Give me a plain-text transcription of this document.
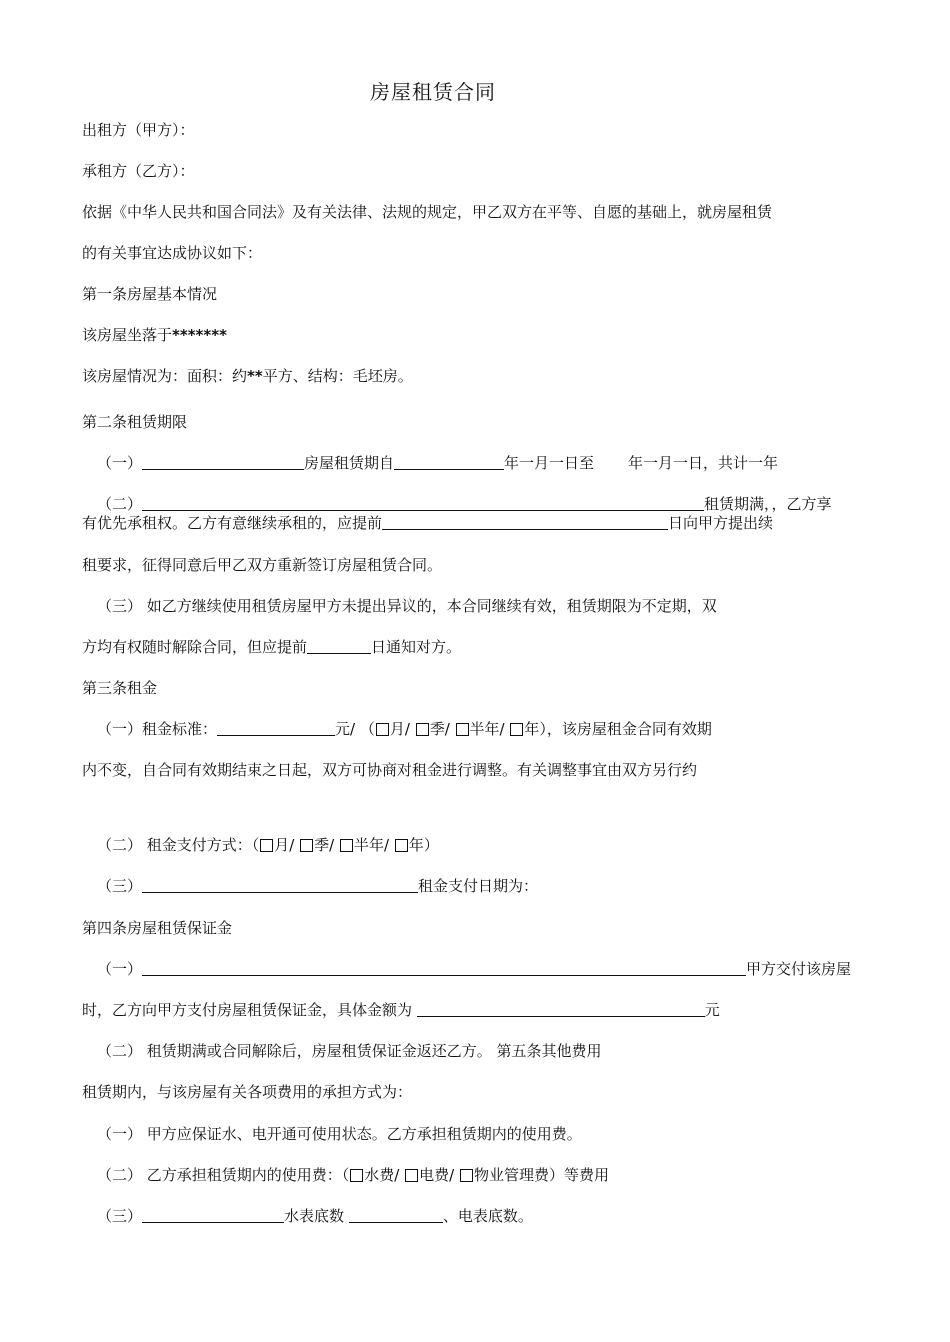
房屋租赁合同
出租方（甲方）：
承租方（乙方）：
依据《中华人民共和国合同法》及有关法律、法规的规定，甲乙双方在平等、自愿的基础上，就房屋租赁
的有关事宜达成协议如下：
第一条房屋基本情况
该房屋坐落于*******
该房屋情况为：面积：约**平方、结构：毛坯房。
第二条租赁期限
（一）	房屋租赁期自	年一月一日至 年一月一日，共计一年
（二）	租赁期满，，乙方享
有优先承租权。乙方有意继续承租的，应提前	日向甲方提出续
租要求，征得同意后甲乙双方重新签订房屋租赁合同。
（三） 如乙方继续使用租赁房屋甲方未提出异议的，本合同继续有效，租赁期限为不定期，双
方均有权随时解除合同，但应提前	日通知对方。
第三条租金
（一）租金标准：	元/ （ 月/ 季/ 半年/ 年），该房屋租金合同有效期
内不变，自合同有效期结束之日起，双方可协商对租金进行调整。有关调整事宜由双方另行约
（二） 租金支付方式：（ 月/ 季/ 半年/ 年）
（三）	租金支付日期为：
第四条房屋租赁保证金
（一）	甲方交付该房屋
时，乙方向甲方支付房屋租赁保证金，具体金额为	元
（二） 租赁期满或合同解除后，房屋租赁保证金返还乙方。 第五条其他费用
租赁期内，与该房屋有关各项费用的承担方式为：
（一） 甲方应保证水、电开通可使用状态。乙方承担租赁期内的使用费。
（二） 乙方承担租赁期内的使用费：（ 水费/ 电费/ 物业管理费）等费用
（三）	水表底数	、电表底数。
